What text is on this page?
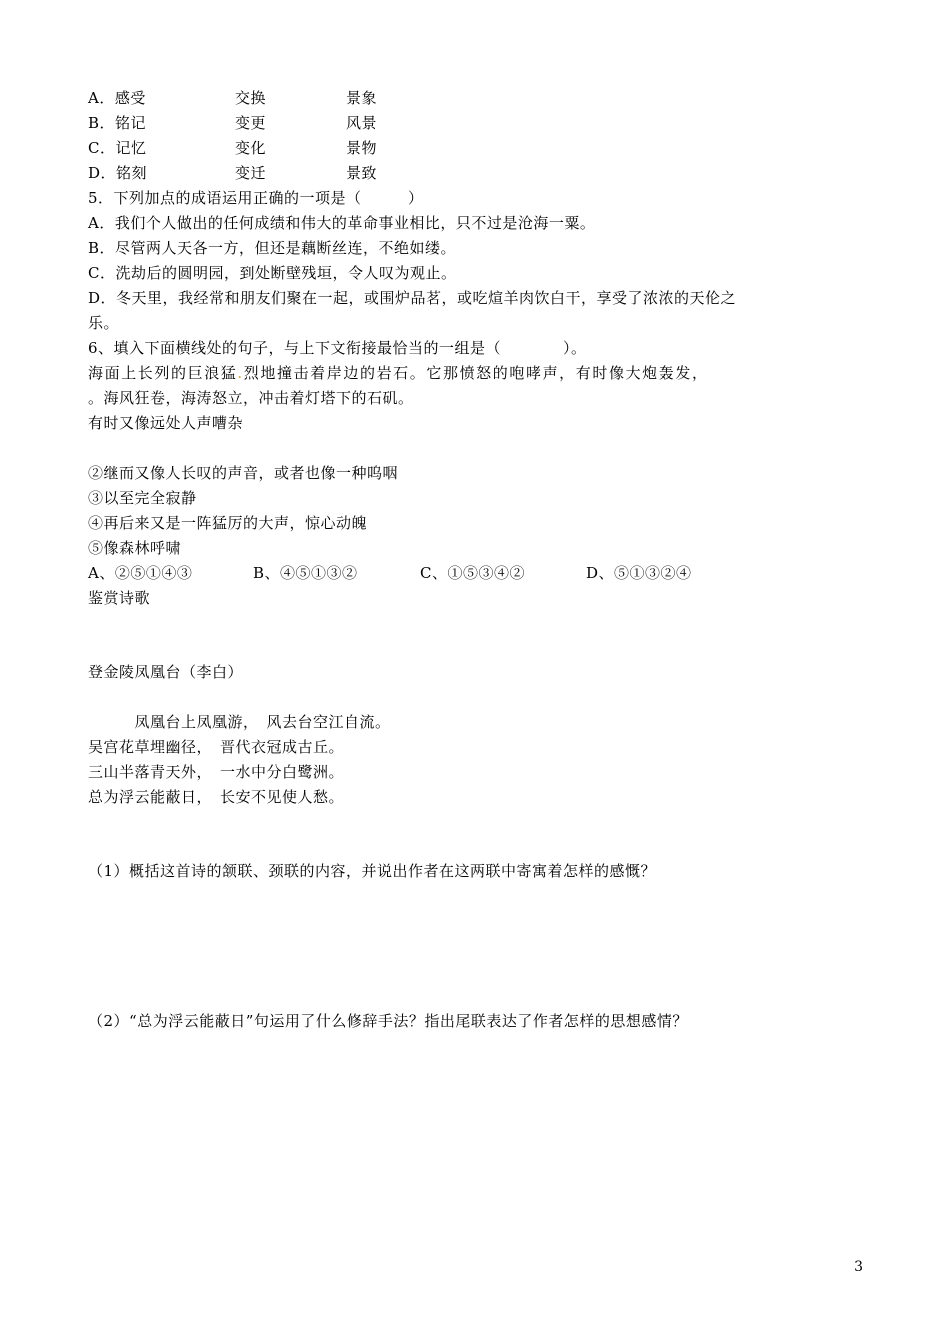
A．感受	交换	景象
B．铭记	变更	风景
C．记忆	变化	景物
D．铭刻	变迁	景致
5．下列加点的成语运用正确的一项是（　　　）
A．我们个人做出的任何成绩和伟大的革命事业相比，只不过是沧海一粟。
B．尽管两人天各一方，但还是藕断丝连，不绝如缕。
C．洗劫后的圆明园，到处断壁残垣，令人叹为观止。
D．冬天里，我经常和朋友们聚在一起，或围炉品茗，或吃煊羊肉饮白干，享受了浓浓的天伦之
乐。
6、填入下面横线处的句子，与上下文衔接最恰当的一组是（　　　　）。
海面上长列的巨浪猛.烈地撞击着岸边的岩石。它那愤怒的咆哮声，有时像大炮轰发，
。海风狂卷，海涛怒立，冲击着灯塔下的石矶。
有时又像远处人声嘈杂
②继而又像人长叹的声音，或者也像一种呜咽
③以至完全寂静
④再后来又是一阵猛厉的大声，惊心动魄
⑤像森林呼啸
A、②⑤①④③	B、④⑤①③②	C、①⑤③④②	D、⑤①③②④
鉴赏诗歌
登金陵凤凰台（李白）
　　　凤凰台上凤凰游，　风去台空江自流。
吴宫花草埋幽径，　晋代衣冠成古丘。
三山半落青天外，　一水中分白鹭洲。
总为浮云能蔽日，　长安不见使人愁。
（1）概括这首诗的颔联、颈联的内容，并说出作者在这两联中寄寓着怎样的感慨？
（2）“总为浮云能蔽日”句运用了什么修辞手法？指出尾联表达了作者怎样的思想感情？
3
